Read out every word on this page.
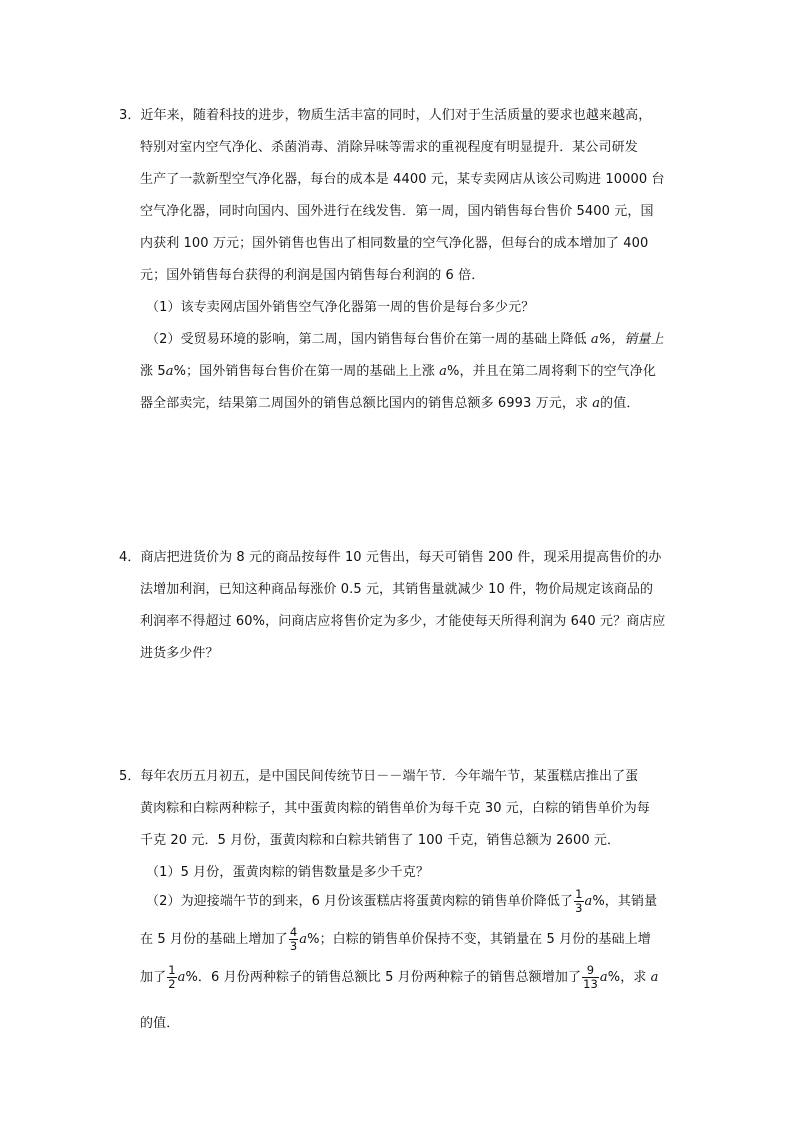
3．近年来，随着科技的进步，物质生活丰富的同时，人们对于生活质量的要求也越来越高，
特别对室内空气净化、杀菌消毒、消除异味等需求的重视程度有明显提升．某公司研发
生产了一款新型空气净化器，每台的成本是 4400 元，某专卖网店从该公司购进 10000 台
空气净化器，同时向国内、国外进行在线发售．第一周，国内销售每台售价 5400 元，国
内获利 100 万元；国外销售也售出了相同数量的空气净化器，但每台的成本增加了 400
元；国外销售每台获得的利润是国内销售每台利润的 6 倍．
（1）该专卖网店国外销售空气净化器第一周的售价是每台多少元？
（2）受贸易环境的影响，第二周，国内销售每台售价在第一周的基础上降低 a%，销量上
涨 5a%；国外销售每台售价在第一周的基础上上涨 a%，并且在第二周将剩下的空气净化
器全部卖完，结果第二周国外的销售总额比国内的销售总额多 6993 万元，求 a的值．
4．商店把进货价为 8 元的商品按每件 10 元售出，每天可销售 200 件，现采用提高售价的办
法增加利润，已知这种商品每涨价 0.5 元，其销售量就减少 10 件，物价局规定该商品的
利润率不得超过 60%，问商店应将售价定为多少，才能使每天所得利润为 640 元？商店应
进货多少件？
5．每年农历五月初五，是中国民间传统节日－－端午节．今年端午节，某蛋糕店推出了蛋
黄肉粽和白粽两种粽子，其中蛋黄肉粽的销售单价为每千克 30 元，白粽的销售单价为每
千克 20 元．5 月份，蛋黄肉粽和白粽共销售了 100 千克，销售总额为 2600 元．
（1）5 月份，蛋黄肉粽的销售数量是多少千克？
（2）为迎接端午节的到来，6 月份该蛋糕店将蛋黄肉粽的销售单价降低了 $\frac{1}{3} a\%$，其销量
在 5 月份的基础上增加了 $\frac{4}{3} a\%$；白粽的销售单价保持不变，其销量在 5 月份的基础上增
加了 $\frac{1}{2} a\%$．6 月份两种粽子的销售总额比 5 月份两种粽子的销售总额增加了 $\frac{9}{13} a\%$，求 a
的值．
